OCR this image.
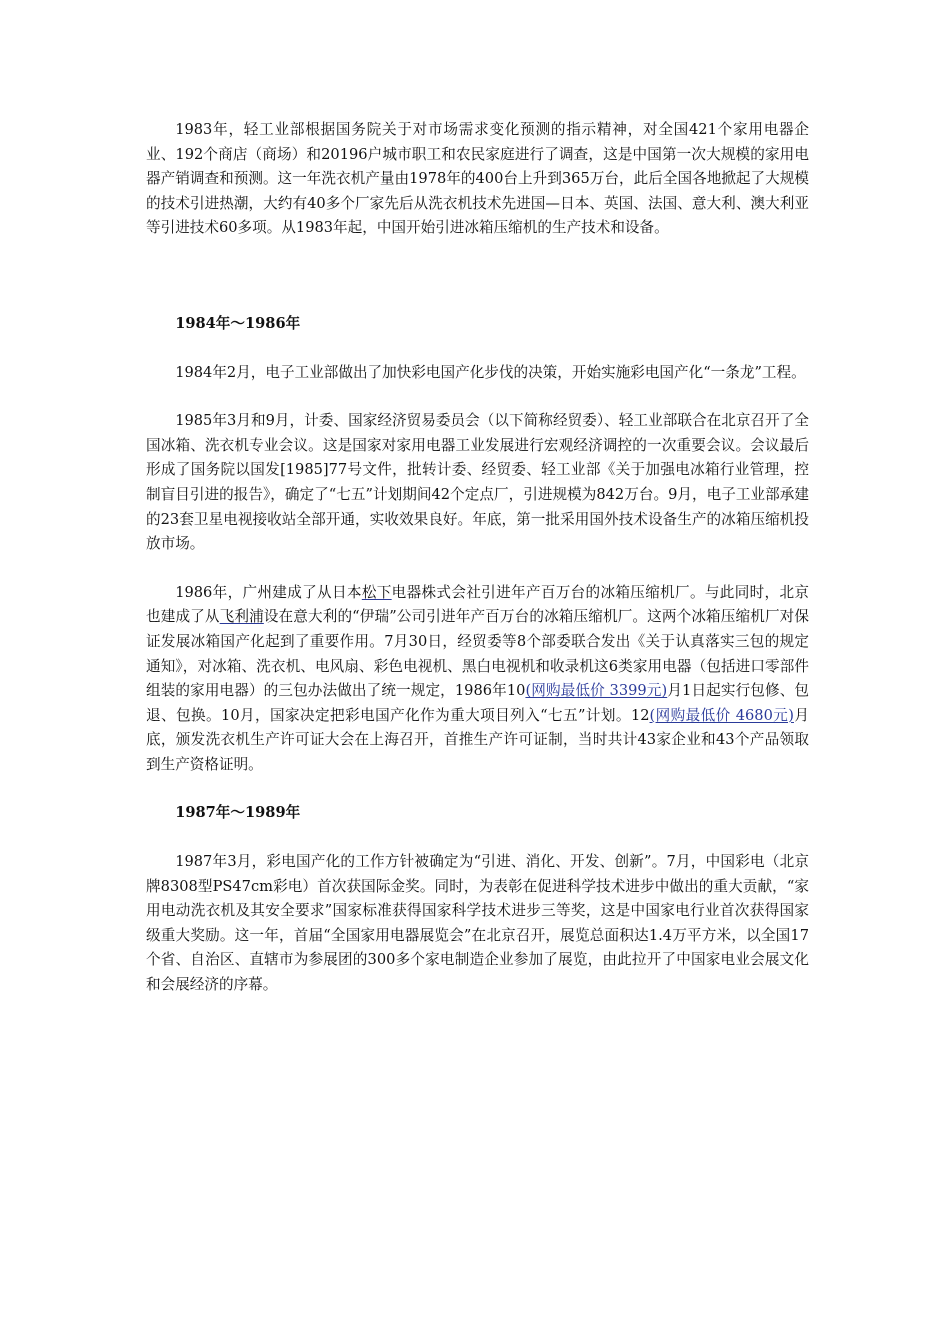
1983年，轻工业部根据国务院关于对市场需求变化预测的指示精神，对全国421个家用电器企业、192个商店（商场）和20196户城市职工和农民家庭进行了调查，这是中国第一次大规模的家用电器产销调查和预测。这一年洗衣机产量由1978年的400台上升到365万台，此后全国各地掀起了大规模的技术引进热潮，大约有40多个厂家先后从洗衣机技术先进国—日本、英国、法国、意大利、澳大利亚等引进技术60多项。从1983年起，中国开始引进冰箱压缩机的生产技术和设备。

1984年～1986年

1984年2月，电子工业部做出了加快彩电国产化步伐的决策，开始实施彩电国产化“一条龙”工程。

1985年3月和9月，计委、国家经济贸易委员会（以下简称经贸委）、轻工业部联合在北京召开了全国冰箱、洗衣机专业会议。这是国家对家用电器工业发展进行宏观经济调控的一次重要会议。会议最后形成了国务院以国发[1985]77号文件，批转计委、经贸委、轻工业部《关于加强电冰箱行业管理，控制盲目引进的报告》，确定了“七五”计划期间42个定点厂，引进规模为842万台。9月，电子工业部承建的23套卫星电视接收站全部开通，实收效果良好。年底，第一批采用国外技术设备生产的冰箱压缩机投放市场。

1986年，广州建成了从日本松下电器株式会社引进年产百万台的冰箱压缩机厂。与此同时，北京也建成了从飞利浦设在意大利的“伊瑞”公司引进年产百万台的冰箱压缩机厂。这两个冰箱压缩机厂对保证发展冰箱国产化起到了重要作用。7月30日，经贸委等8个部委联合发出《关于认真落实三包的规定通知》，对冰箱、洗衣机、电风扇、彩色电视机、黑白电视机和收录机这6类家用电器（包括进口零部件组装的家用电器）的三包办法做出了统一规定，1986年10(网购最低价 3399元)月1日起实行包修、包退、包换。10月，国家决定把彩电国产化作为重大项目列入“七五”计划。12(网购最低价 4680元)月底，颁发洗衣机生产许可证大会在上海召开，首推生产许可证制，当时共计43家企业和43个产品领取到生产资格证明。

1987年～1989年

1987年3月，彩电国产化的工作方针被确定为“引进、消化、开发、创新”。7月，中国彩电（北京牌8308型PS47cm彩电）首次获国际金奖。同时，为表彰在促进科学技术进步中做出的重大贡献，“家用电动洗衣机及其安全要求”国家标准获得国家科学技术进步三等奖，这是中国家电行业首次获得国家级重大奖励。这一年，首届“全国家用电器展览会”在北京召开，展览总面积达1.4万平方米，以全国17个省、自治区、直辖市为参展团的300多个家电制造企业参加了展览，由此拉开了中国家电业会展文化和会展经济的序幕。
